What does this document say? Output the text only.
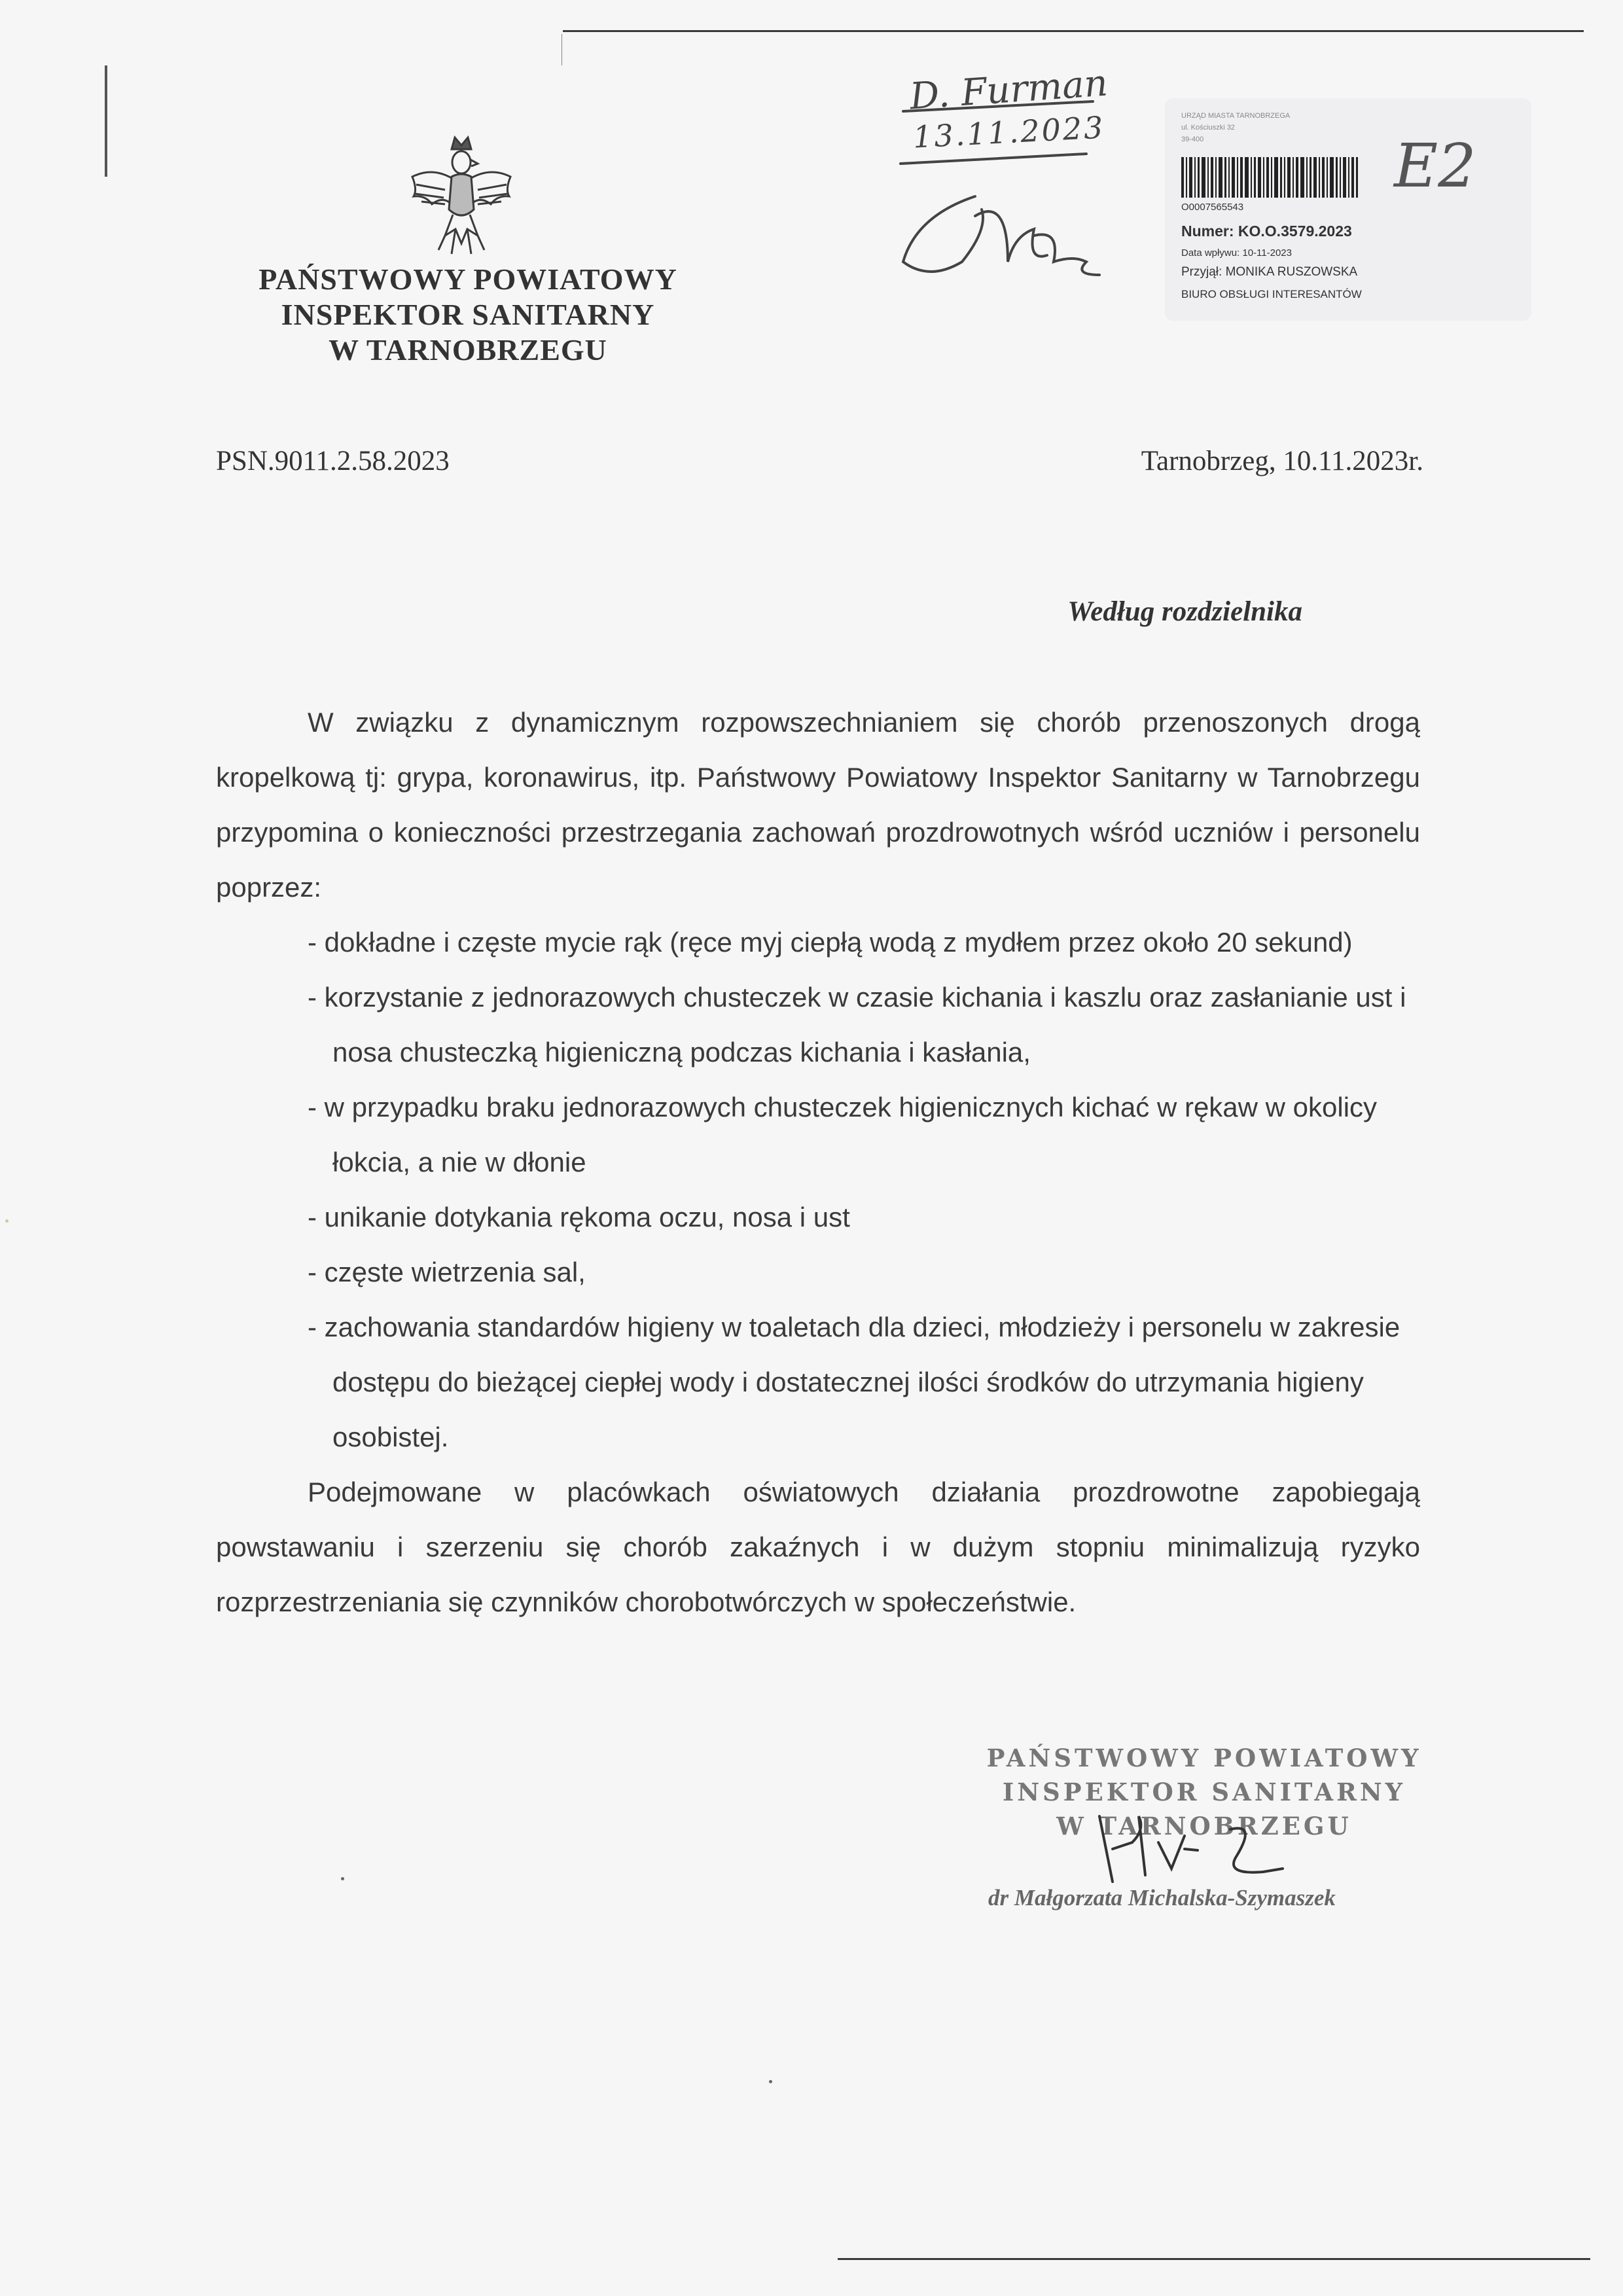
PAŃSTWOWY POWIATOWY
INSPEKTOR SANITARNY
W TARNOBRZEGU
D. Furman
13.11.2023	URZĄD MIASTA TARNOBRZEGA
ul. Kościuszki 32
39-400
O0007565543
Numer: KO.O.3579.2023
Data wpływu: 10-11-2023
Przyjął: MONIKA RUSZOWSKA
BIURO OBSŁUGI INTERESANTÓW
E2
PSN.9011.2.58.2023	Tarnobrzeg, 10.11.2023r.
Według rozdzielnika

W związku z dynamicznym rozpowszechnianiem się chorób przenoszonych drogą kropelkową tj: grypa, koronawirus, itp. Państwowy Powiatowy Inspektor Sanitarny w Tarnobrzegu przypomina o konieczności przestrzegania zachowań prozdrowotnych wśród uczniów i personelu poprzez:

- dokładne i częste mycie rąk (ręce myj ciepłą wodą z mydłem przez około 20 sekund)
- korzystanie z jednorazowych chusteczek w czasie kichania i kaszlu oraz zasłanianie ust i nosa chusteczką higieniczną podczas kichania i kasłania,
- w przypadku braku jednorazowych chusteczek higienicznych kichać w rękaw w okolicy łokcia, a nie w dłonie
- unikanie dotykania rękoma oczu, nosa i ust
- częste wietrzenia sal,
- zachowania standardów higieny w toaletach dla dzieci, młodzieży i personelu w zakresie dostępu do bieżącej ciepłej wody i dostatecznej ilości środków do utrzymania higieny osobistej.

Podejmowane w placówkach oświatowych działania prozdrowotne zapobiegają powstawaniu i szerzeniu się chorób zakaźnych i w dużym stopniu minimalizują ryzyko rozprzestrzeniania się czynników chorobotwórczych w społeczeństwie.

PAŃSTWOWY POWIATOWY
INSPEKTOR SANITARNY
W TARNOBRZEGU
dr Małgorzata Michalska-Szymaszek
